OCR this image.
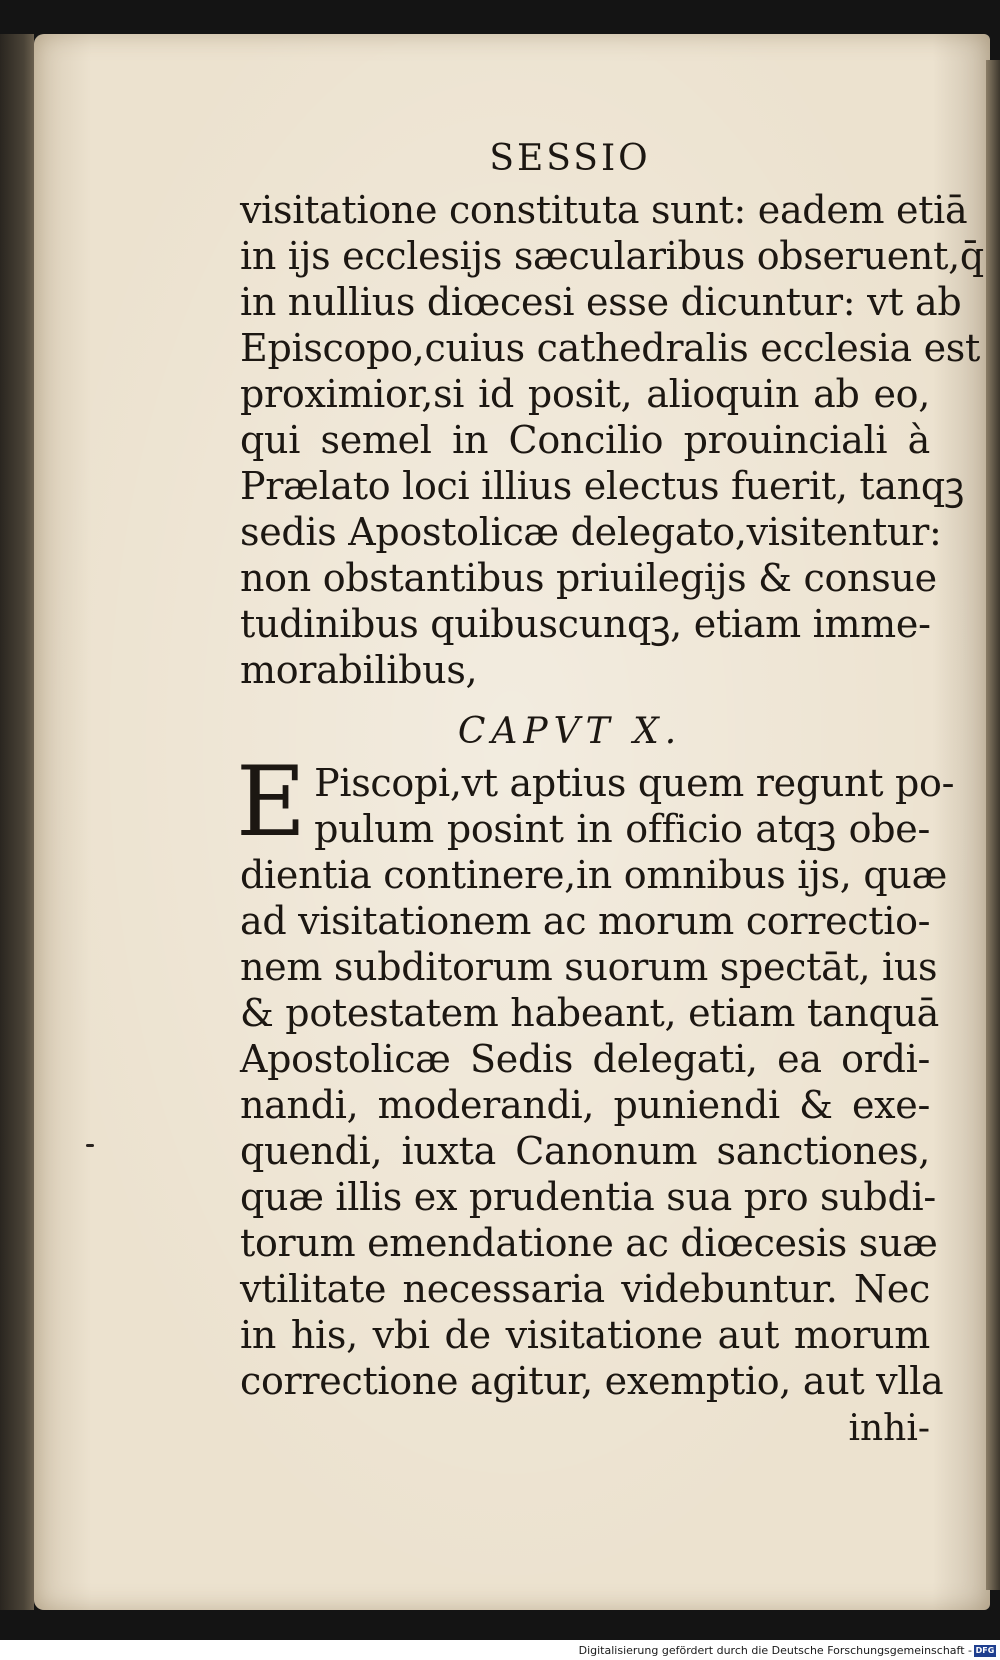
SESSIO
visitatione constituta sunt: eadem etiā
in ijs ecclesijs sæcularibus obseruent,q̄
in nullius diœcesi esse dicuntur: vt ab
Episcopo,cuius cathedralis ecclesia est
proximior,si id posit, alioquin ab eo,
qui semel in Concilio prouinciali à
Prælato loci illius electus fuerit, tanqꝫ
sedis Apostolicæ delegato,visitentur:
non obstantibus priuilegijs & consue
tudinibus quibuscunqꝫ, etiam imme-
morabilibus,
CAPVT X.
E Piscopi,vt aptius quem regunt po-
pulum posint in officio atqꝫ obe-
dientia continere,in omnibus ijs, quæ
ad visitationem ac morum correctio-
nem subditorum suorum spectāt, ius
& potestatem habeant, etiam tanquā
Apostolicæ Sedis delegati, ea ordi-
nandi, moderandi, puniendi & exe-
quendi, iuxta Canonum sanctiones,
quæ illis ex prudentia sua pro subdi-
torum emendatione ac diœcesis suæ
vtilitate necessaria videbuntur. Nec
in his, vbi de visitatione aut morum
correctione agitur, exemptio, aut vlla
inhi-
Digitalisierung gefördert durch die Deutsche Forschungsgemeinschaft - DFG
